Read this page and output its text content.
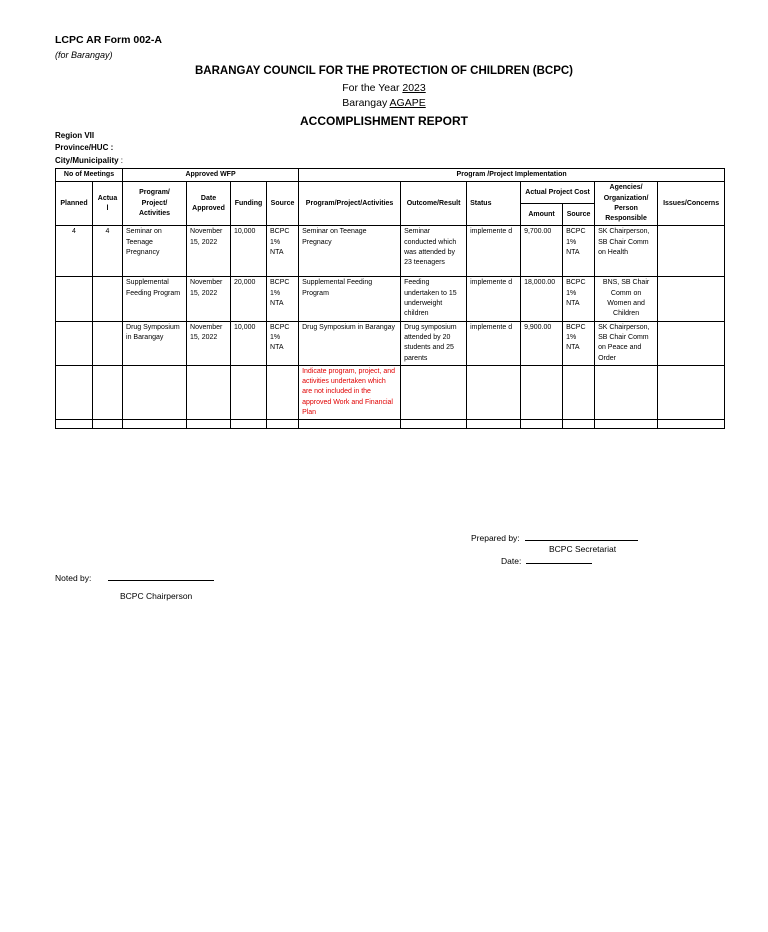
LCPC AR Form 002-A
(for Barangay)
BARANGAY COUNCIL FOR THE PROTECTION OF CHILDREN (BCPC)
For the Year 2023
Barangay AGAPE
ACCOMPLISHMENT REPORT
Region VII
Province/HUC :
City/Municipality :
No of Meetings		Approved WFP				Program /Project Implementation						
Planned	Actua l	Program/ Project/ Activities	Date Approved	Funding	Source	Program/Project/Activities	Outcome/Result	Status	Actual Project Cost		Agencies/ Organization/ Person Responsible	Issues/Concerns
									Amount	Source		
4	4	Seminar on Teenage Pregnancy	November 15, 2022	10,000	BCPC 1% NTA	Seminar on Teenage Pregnacy	Seminar conducted which was attended by 23 teenagers	implemente d	9,700.00	BCPC 1% NTA	SK Chairperson, SB Chair Comm on Health	
		Supplemental Feeding Program	November 15, 2022	20,000	BCPC 1% NTA	Supplemental Feeding Program	Feeding undertaken to 15 underweight children	implemente d	18,000.00	BCPC 1% NTA	BNS, SB Chair Comm on Women and Children	
		Drug Symposium in Barangay	November 15, 2022	10,000	BCPC 1% NTA	Drug Symposium in Barangay	Drug symposium attended by 20 students and 25 parents	implemente d	9,900.00	BCPC 1% NTA	SK Chairperson, SB Chair Comm on Peace and Order	
						Indicate program, project, and activities undertaken which are not included in the approved Work and Financial Plan						

Prepared by:
BCPC Secretariat
Date:
Noted by:
BCPC Chairperson
